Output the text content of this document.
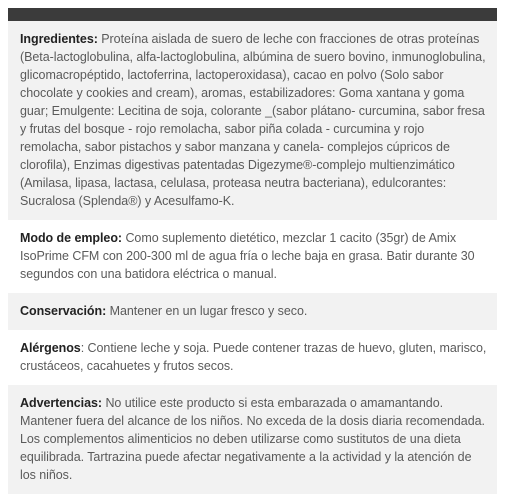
Ingredientes: Proteína aislada de suero de leche con fracciones de otras proteínas (Beta-lactoglobulina, alfa-lactoglobulina, albúmina de suero bovino, inmunoglobulina, glicomacropéptido, lactoferrina, lactoperoxidasa), cacao en polvo (Solo sabor chocolate y cookies and cream), aromas, estabilizadores: Goma xantana y goma guar; Emulgente: Lecitina de soja, colorante _(sabor plátano- curcumina, sabor fresa y frutas del bosque - rojo remolacha, sabor piña colada - curcumina y rojo remolacha, sabor pistachos y sabor manzana y canela- complejos cúpricos de clorofila), Enzimas digestivas patentadas Digezyme®-complejo multienzimático (Amilasa, lipasa, lactasa, celulasa, proteasa neutra bacteriana), edulcorantes: Sucralosa (Splenda®) y Acesulfamo-K.
Modo de empleo: Como suplemento dietético, mezclar 1 cacito (35gr) de Amix IsoPrime CFM con 200-300 ml de agua fría o leche baja en grasa. Batir durante 30 segundos con una batidora eléctrica o manual.
Conservación: Mantener en un lugar fresco y seco.
Alérgenos: Contiene leche y soja. Puede contener trazas de huevo, gluten, marisco, crustáceos, cacahuetes y frutos secos.
Advertencias: No utilice este producto si esta embarazada o amamantando. Mantener fuera del alcance de los niños. No exceda de la dosis diaria recomendada. Los complementos alimenticios no deben utilizarse como sustitutos de una dieta equilibrada. Tartrazina puede afectar negativamente a la actividad y la atención de los niños.
